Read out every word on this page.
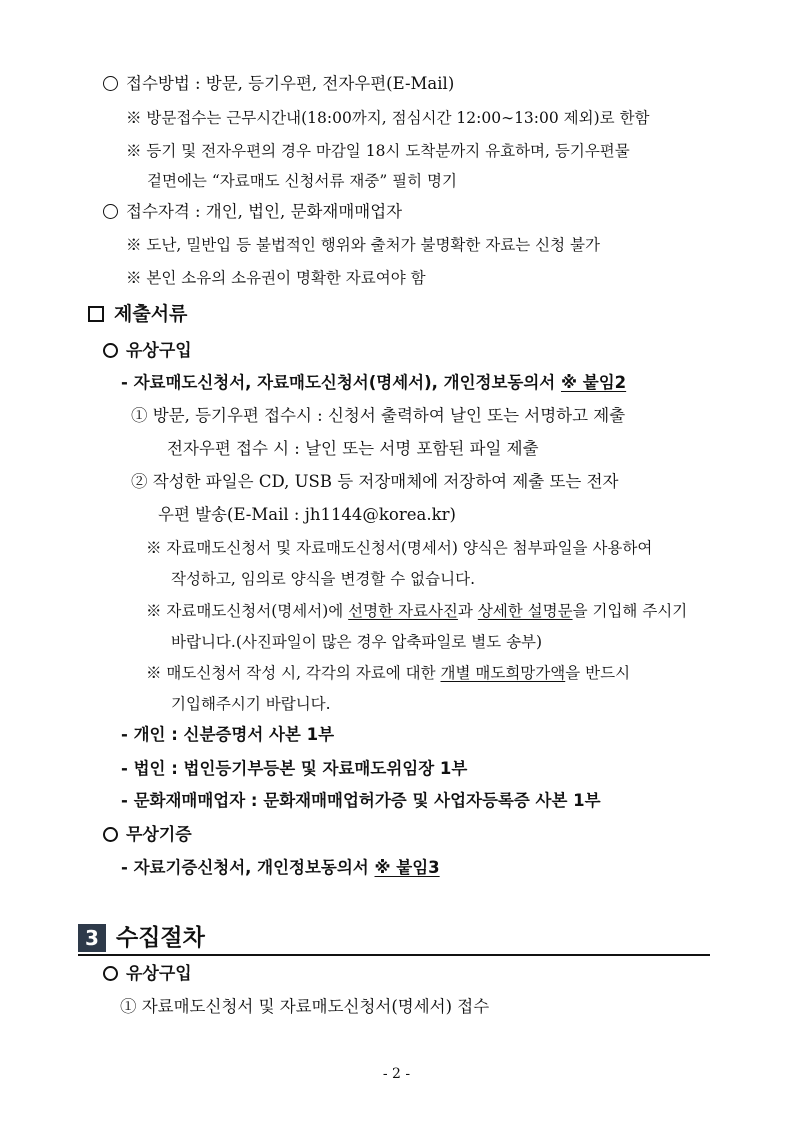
접수방법 : 방문, 등기우편, 전자우편(E-Mail)
※ 방문접수는 근무시간내(18:00까지, 점심시간 12:00∼13:00 제외)로 한함
※ 등기 및 전자우편의 경우 마감일 18시 도착분까지 유효하며, 등기우편물
겉면에는 “자료매도 신청서류 재중” 필히 명기
접수자격 : 개인, 법인, 문화재매매업자
※ 도난, 밀반입 등 불법적인 행위와 출처가 불명확한 자료는 신청 불가
※ 본인 소유의 소유권이 명확한 자료여야 함
제출서류
유상구입
- 자료매도신청서, 자료매도신청서(명세서), 개인정보동의서 ※ 붙임2
① 방문, 등기우편 접수시 : 신청서 출력하여 날인 또는 서명하고 제출
전자우편 접수 시 : 날인 또는 서명 포함된 파일 제출
② 작성한 파일은 CD, USB 등 저장매체에 저장하여 제출 또는 전자
우편 발송(E-Mail : jh1144@korea.kr)
※ 자료매도신청서 및 자료매도신청서(명세서) 양식은 첨부파일을 사용하여
작성하고, 임의로 양식을 변경할 수 없습니다.
※ 자료매도신청서(명세서)에 선명한 자료사진과 상세한 설명문을 기입해 주시기
바랍니다.(사진파일이 많은 경우 압축파일로 별도 송부)
※ 매도신청서 작성 시, 각각의 자료에 대한 개별 매도희망가액을 반드시
기입해주시기 바랍니다.
- 개인 : 신분증명서 사본 1부
- 법인 : 법인등기부등본 및 자료매도위임장 1부
- 문화재매매업자 : 문화재매매업허가증 및 사업자등록증 사본 1부
무상기증
- 자료기증신청서, 개인정보동의서 ※ 붙임3
3 수집절차
유상구입
① 자료매도신청서 및 자료매도신청서(명세서) 접수
- 2 -
